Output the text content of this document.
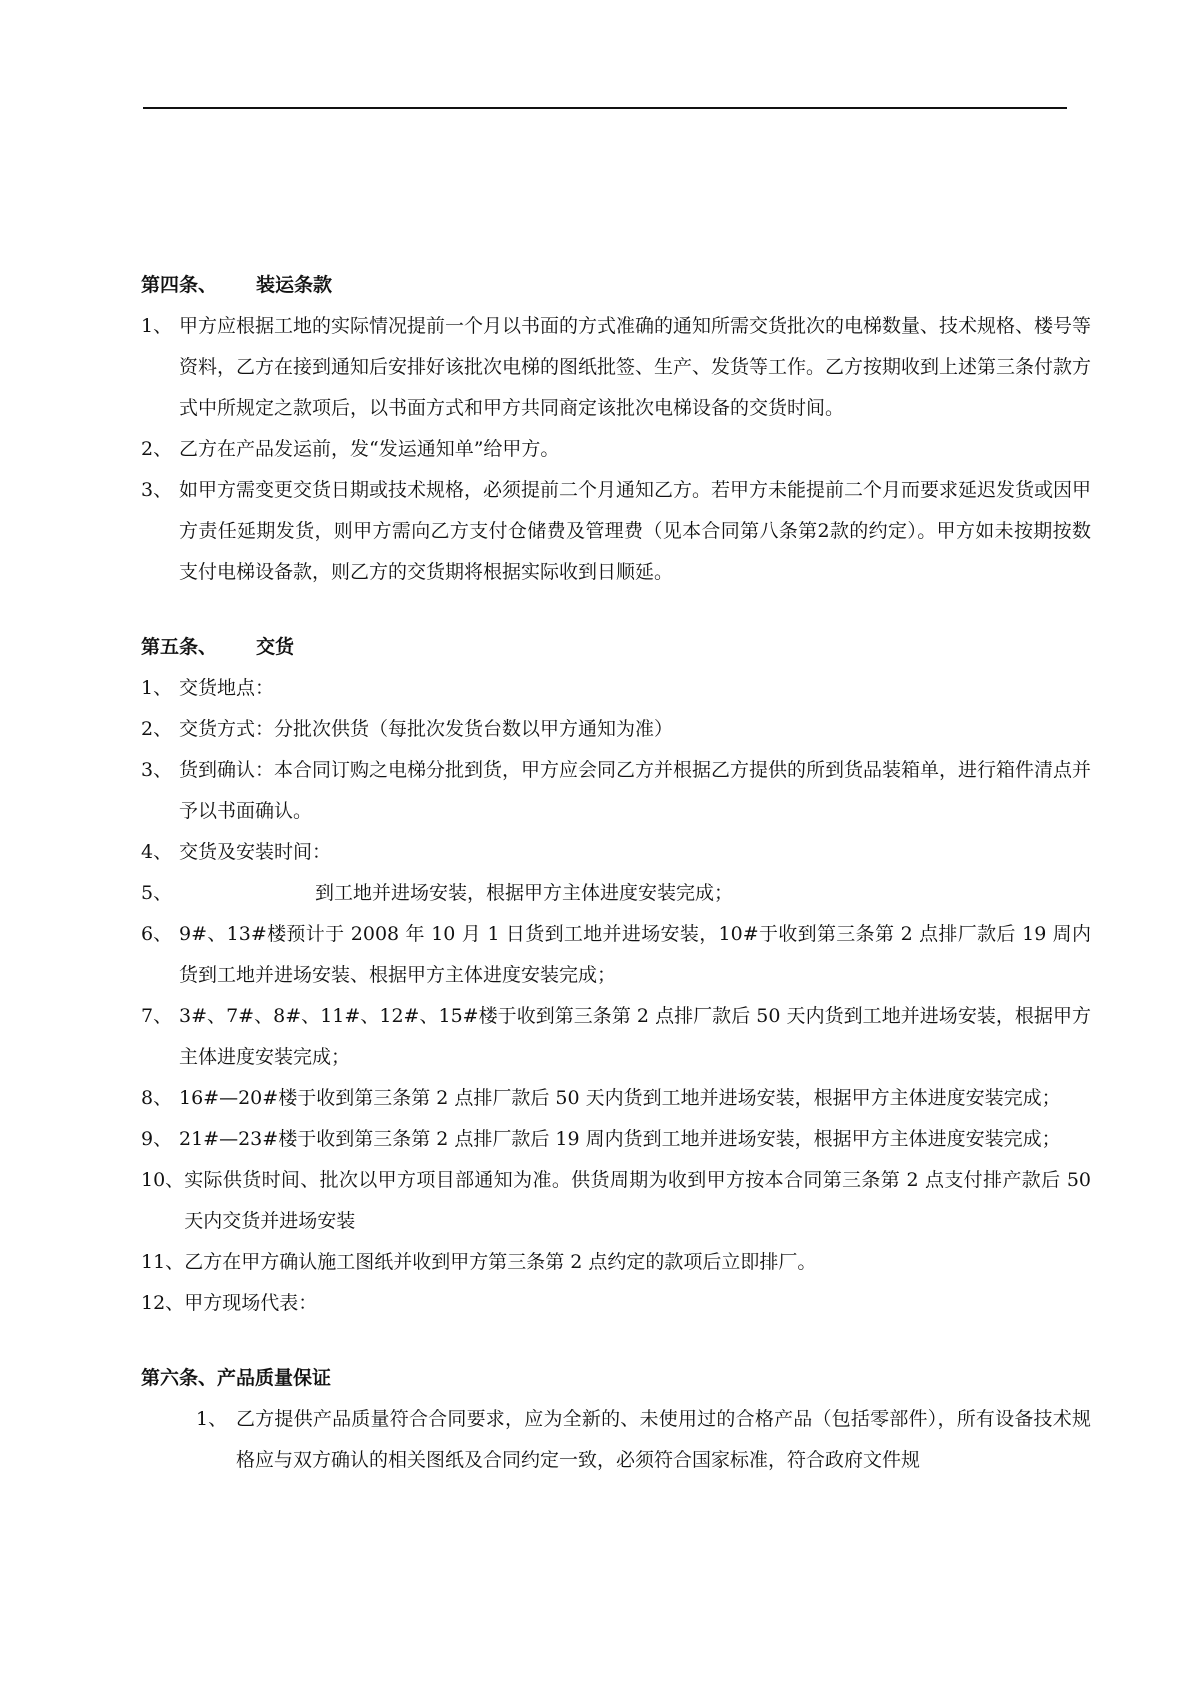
第四条、 装运条款
1、 甲方应根据工地的实际情况提前一个月以书面的方式准确的通知所需交货批次的电梯数量、技术规格、楼号等资料，乙方在接到通知后安排好该批次电梯的图纸批签、生产、发货等工作。乙方按期收到上述第三条付款方式中所规定之款项后，以书面方式和甲方共同商定该批次电梯设备的交货时间。
2、 乙方在产品发运前，发“发运通知单”给甲方。
3、 如甲方需变更交货日期或技术规格，必须提前二个月通知乙方。若甲方未能提前二个月而要求延迟发货或因甲方责任延期发货，则甲方需向乙方支付仓储费及管理费（见本合同第八条第2款的约定）。甲方如未按期按数支付电梯设备款，则乙方的交货期将根据实际收到日顺延。
第五条、 交货
1、 交货地点：
2、 交货方式：分批次供货（每批次发货台数以甲方通知为准）
3、 货到确认：本合同订购之电梯分批到货，甲方应会同乙方并根据乙方提供的所到货品装箱单，进行箱件清点并予以书面确认。
4、 交货及安装时间：
5、	到工地并进场安装，根据甲方主体进度安装完成；
6、 9#、13#楼预计于 2008 年 10 月 1 日货到工地并进场安装，10#于收到第三条第 2 点排厂款后 19 周内货到工地并进场安装、根据甲方主体进度安装完成；
7、 3#、7#、8#、11#、12#、15#楼于收到第三条第 2 点排厂款后 50 天内货到工地并进场安装，根据甲方主体进度安装完成；
8、 16#—20#楼于收到第三条第 2 点排厂款后 50 天内货到工地并进场安装，根据甲方主体进度安装完成；
9、 21#—23#楼于收到第三条第 2 点排厂款后 19 周内货到工地并进场安装，根据甲方主体进度安装完成；
10、 实际供货时间、批次以甲方项目部通知为准。供货周期为收到甲方按本合同第三条第 2 点支付排产款后 50 天内交货并进场安装
11、 乙方在甲方确认施工图纸并收到甲方第三条第 2 点约定的款项后立即排厂。
12、 甲方现场代表：
第六条、产品质量保证
1、 乙方提供产品质量符合合同要求，应为全新的、未使用过的合格产品（包括零部件），所有设备技术规格应与双方确认的相关图纸及合同约定一致，必须符合国家标准，符合政府文件规
